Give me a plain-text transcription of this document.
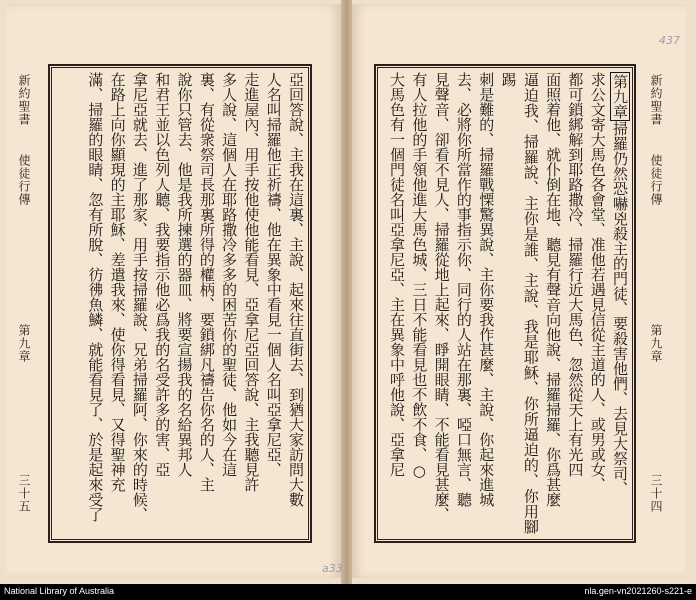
新約聖書
使徒行傳
第九章
三十五	亞回答說、主我在這裏、主說、起來往直街去、到猶大家訪問大數
人名叫掃羅他正祈禱、他在異象中看見一個人名叫亞拿尼亞、
走進屋內、用手按他使他能看見、亞拿尼亞回答說、主我聽見許
多人說、這個人在耶路撒冷多多的困苦你的聖徒、他如今在這
裏、有從衆祭司長那裏所得的權柄、要鎖綁凡禱告你名的人、主
說你只管去、他是我所揀選的器皿、將要宣揚我的名給異邦人
和君王並以色列人聽、我要指示他必爲我的名受許多的害、亞
拿尼亞就去、進了那家、用手按掃羅說、兄弟掃羅阿、你來的時候、
在路上向你顯現的主耶穌、差遣我來、使你得看見、又得聖神充
滿、掃羅的眼睛、忽有所脫、彷彿魚鱗、就能看見了、於是起來受了
437
新約聖書
使徒行傳
第九章
三十四
第九章掃羅仍然恐嚇兇殺主的門徒、要殺害他們、去見大祭司、
求公文寄大馬色各會堂、准他若遇見信從主道的人、或男或女、
都可鎖綁解到耶路撒冷、掃羅行近大馬色、忽然從天上有光四
面照着他、就仆倒在地、聽見有聲音向他說、掃羅掃羅、你爲甚麼
逼迫我、掃羅說、主你是誰、主說、我是耶穌、你所逼迫的、你用腳踢
刺是難的、掃羅戰慄驚異說、主你要我作甚麼、主說、你起來進城
去、必將你所當作的事指示你、同行的人站在那裏、啞口無言、聽
見聲音、卻看不見人、掃羅從地上起來、睜開眼睛、不能看見甚麼、
有人拉他的手領他進大馬色城、三日不能看見也不飲不食、○
大馬色有一個門徒名叫亞拿尼亞、主在異象中呼他說、亞拿尼
a33
National Library of Australia	nla.gen-vn2021260-s221-e
